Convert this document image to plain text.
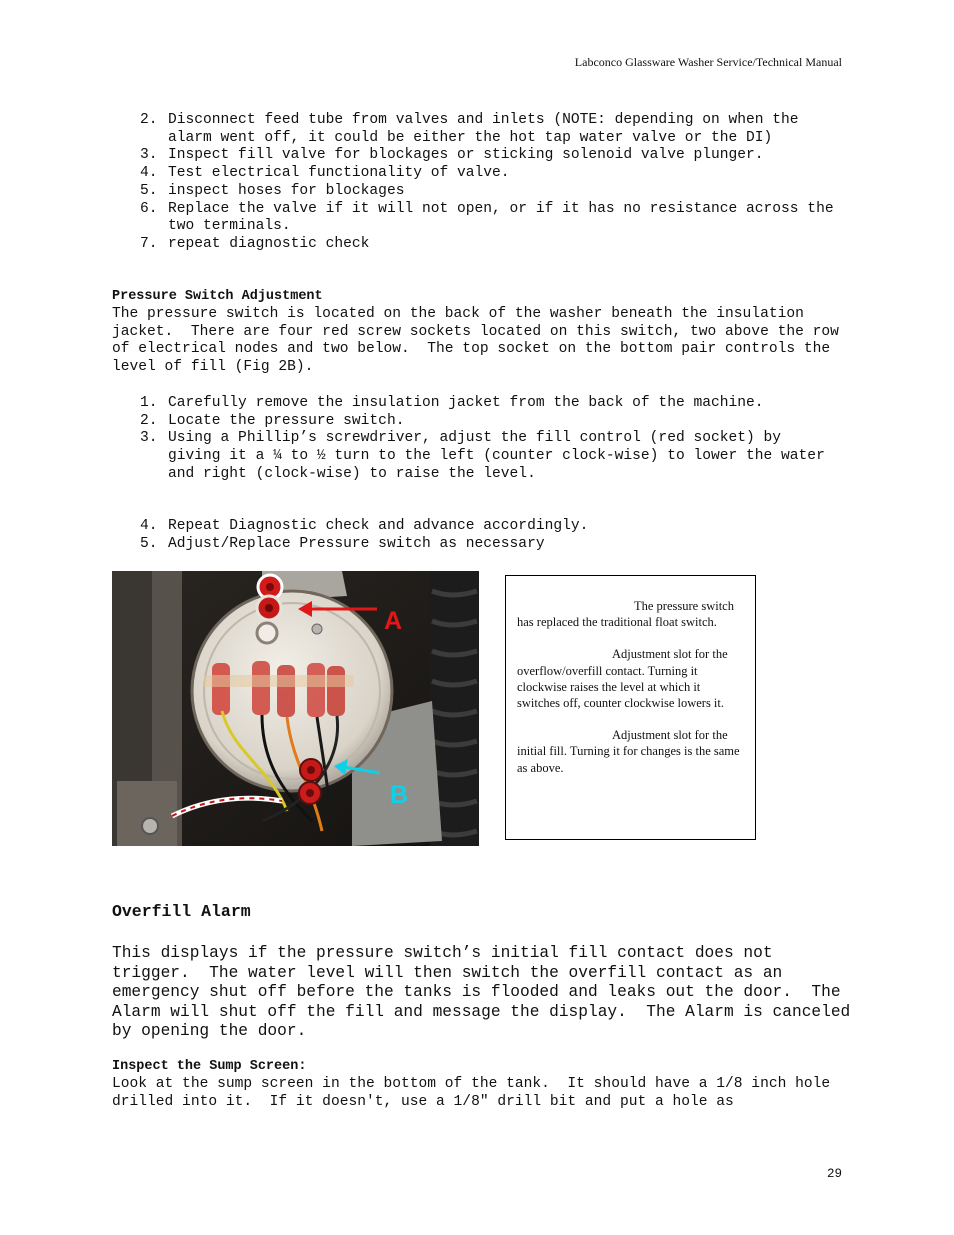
Labconco Glassware Washer Service/Technical Manual
2. Disconnect feed tube from valves and inlets (NOTE: depending on when the alarm went off, it could be either the hot tap water valve or the DI)
3. Inspect fill valve for blockages or sticking solenoid valve plunger.
4. Test electrical functionality of valve.
5. inspect hoses for blockages
6. Replace the valve if it will not open, or if it has no resistance across the two terminals.
7. repeat diagnostic check
Pressure Switch Adjustment

The pressure switch is located on the back of the washer beneath the insulation jacket.  There are four red screw sockets located on this switch, two above the row of electrical nodes and two below.  The top socket on the bottom pair controls the level of fill (Fig 2B).

1. Carefully remove the insulation jacket from the back of the machine.
2. Locate the pressure switch.
3. Using a Phillip’s screwdriver, adjust the fill control (red socket) by giving it a ¼ to ½ turn to the left (counter clock-wise) to lower the water and right (clock-wise) to raise the level.
4. Repeat Diagnostic check and advance accordingly.
5. Adjust/Replace Pressure switch as necessary
A
B

The pressure switch has replaced the traditional float switch.

Adjustment slot for the overflow/overfill contact. Turning it clockwise raises the level at which it switches off, counter clockwise lowers it.

Adjustment slot for the initial fill. Turning it for changes is the same as above.

Overfill Alarm

This displays if the pressure switch’s initial fill contact does not trigger.  The water level will then switch the overfill contact as an emergency shut off before the tanks is flooded and leaks out the door.  The Alarm will shut off the fill and message the display.  The Alarm is canceled by opening the door.

Inspect the Sump Screen:

Look at the sump screen in the bottom of the tank.  It should have a 1/8 inch hole drilled into it.  If it doesn't, use a 1/8" drill bit and put a hole as

29
